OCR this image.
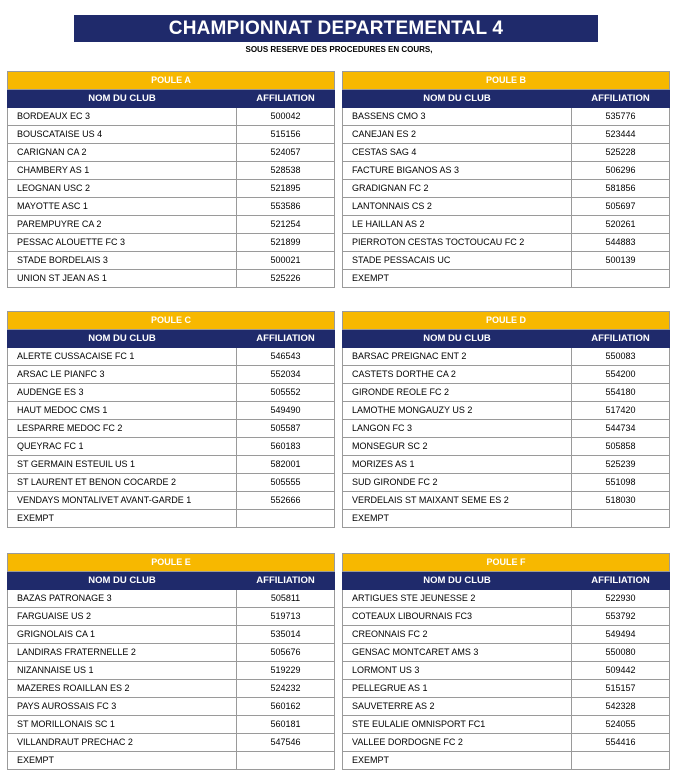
CHAMPIONNAT DEPARTEMENTAL 4
SOUS RESERVE DES PROCEDURES EN COURS,
POULE A	
NOM DU CLUB	AFFILIATION
BORDEAUX EC 3	500042
BOUSCATAISE US 4	515156
CARIGNAN CA 2	524057
CHAMBERY AS 1	528538
LEOGNAN USC 2	521895
MAYOTTE ASC 1	553586
PAREMPUYRE CA 2	521254
PESSAC ALOUETTE FC 3	521899
STADE BORDELAIS 3	500021
UNION ST JEAN AS 1	525226
POULE B	
NOM DU CLUB	AFFILIATION
BASSENS CMO 3	535776
CANEJAN ES 2	523444
CESTAS SAG 4	525228
FACTURE BIGANOS AS 3	506296
GRADIGNAN FC 2	581856
LANTONNAIS CS 2	505697
LE HAILLAN AS 2	520261
PIERROTON CESTAS TOCTOUCAU FC 2	544883
STADE PESSACAIS UC	500139
EXEMPT	
POULE C	
NOM DU CLUB	AFFILIATION
ALERTE CUSSACAISE FC 1	546543
ARSAC LE PIANFC 3	552034
AUDENGE ES 3	505552
HAUT MEDOC CMS 1	549490
LESPARRE MEDOC FC 2	505587
QUEYRAC FC 1	560183
ST GERMAIN ESTEUIL US 1	582001
ST LAURENT ET BENON COCARDE 2	505555
VENDAYS MONTALIVET AVANT-GARDE 1	552666
EXEMPT	
POULE D	
NOM DU CLUB	AFFILIATION
BARSAC PREIGNAC ENT 2	550083
CASTETS DORTHE CA 2	554200
GIRONDE REOLE FC 2	554180
LAMOTHE MONGAUZY US 2	517420
LANGON FC 3	544734
MONSEGUR SC 2	505858
MORIZES AS 1	525239
SUD GIRONDE FC 2	551098
VERDELAIS ST MAIXANT SEME ES 2	518030
EXEMPT	
POULE E	
NOM DU CLUB	AFFILIATION
BAZAS PATRONAGE 3	505811
FARGUAISE US 2	519713
GRIGNOLAIS CA 1	535014
LANDIRAS FRATERNELLE 2	505676
NIZANNAISE US 1	519229
MAZERES ROAILLAN ES 2	524232
PAYS AUROSSAIS FC 3	560162
ST MORILLONAIS SC 1	560181
VILLANDRAUT PRECHAC 2	547546
EXEMPT	
POULE F	
NOM DU CLUB	AFFILIATION
ARTIGUES STE JEUNESSE 2	522930
COTEAUX LIBOURNAIS FC3	553792
CREONNAIS FC 2	549494
GENSAC MONTCARET AMS 3	550080
LORMONT US 3	509442
PELLEGRUE AS 1	515157
SAUVETERRE AS 2	542328
STE EULALIE OMNISPORT FC1	524055
VALLEE DORDOGNE FC 2	554416
EXEMPT	
